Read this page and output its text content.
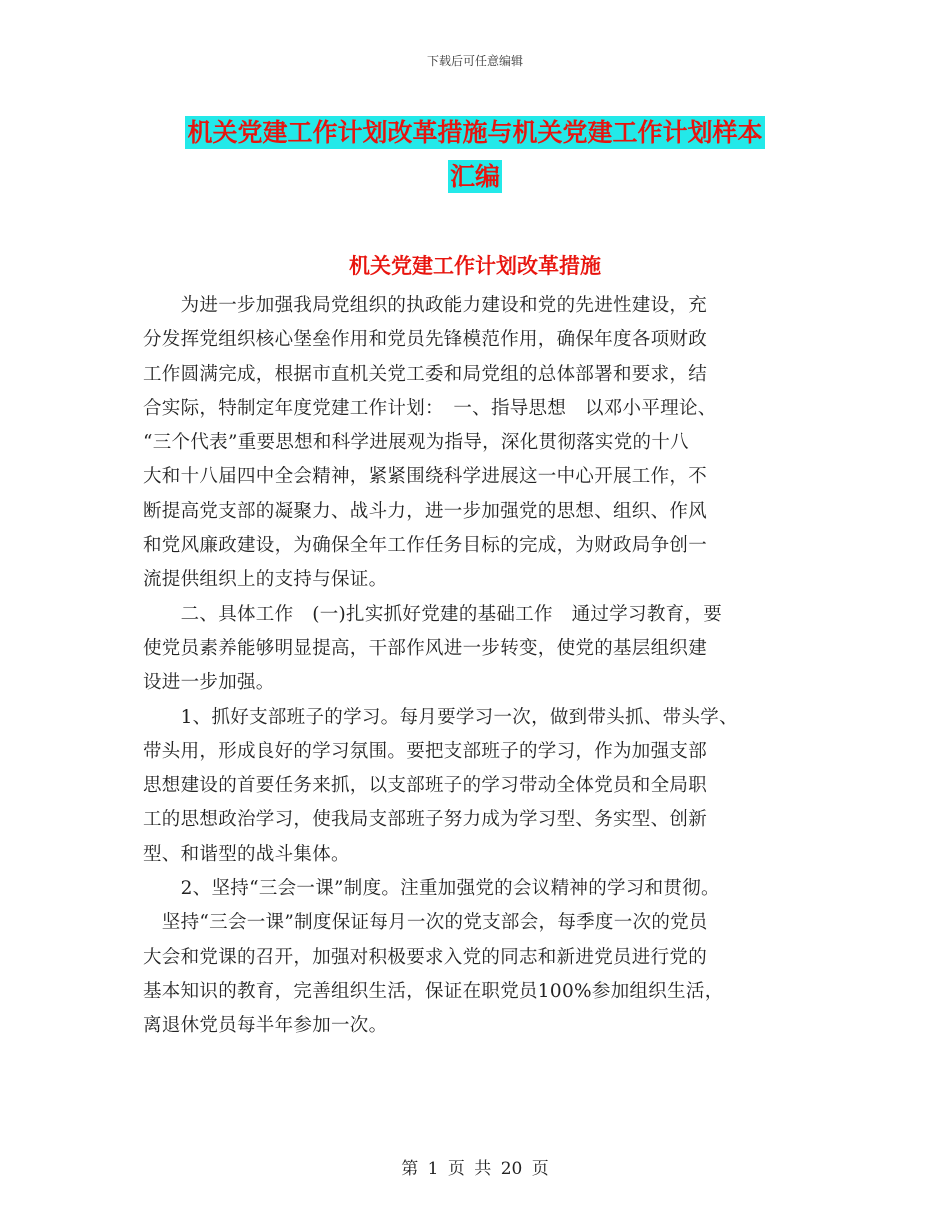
下载后可任意编辑
机关党建工作计划改革措施与机关党建工作计划样本
汇编
机关党建工作计划改革措施
　　为进一步加强我局党组织的执政能力建设和党的先进性建设，充
分发挥党组织核心堡垒作用和党员先锋模范作用，确保年度各项财政
工作圆满完成，根据市直机关党工委和局党组的总体部署和要求，结
合实际，特制定年度党建工作计划：　一、指导思想　以邓小平理论、
“三个代表”重要思想和科学进展观为指导，深化贯彻落实党的十八
大和十八届四中全会精神，紧紧围绕科学进展这一中心开展工作，不
断提高党支部的凝聚力、战斗力，进一步加强党的思想、组织、作风
和党风廉政建设，为确保全年工作任务目标的完成，为财政局争创一
流提供组织上的支持与保证。
　　二、具体工作　(一)扎实抓好党建的基础工作　通过学习教育，要
使党员素养能够明显提高，干部作风进一步转变，使党的基层组织建
设进一步加强。
　　1、抓好支部班子的学习。每月要学习一次，做到带头抓、带头学、
带头用，形成良好的学习氛围。要把支部班子的学习，作为加强支部
思想建设的首要任务来抓，以支部班子的学习带动全体党员和全局职
工的思想政治学习，使我局支部班子努力成为学习型、务实型、创新
型、和谐型的战斗集体。
　　2、坚持“三会一课”制度。注重加强党的会议精神的学习和贯彻。
　坚持“三会一课”制度保证每月一次的党支部会，每季度一次的党员
大会和党课的召开，加强对积极要求入党的同志和新进党员进行党的
基本知识的教育，完善组织生活，保证在职党员100%参加组织生活，
离退休党员每半年参加一次。
第 1 页 共 20 页
